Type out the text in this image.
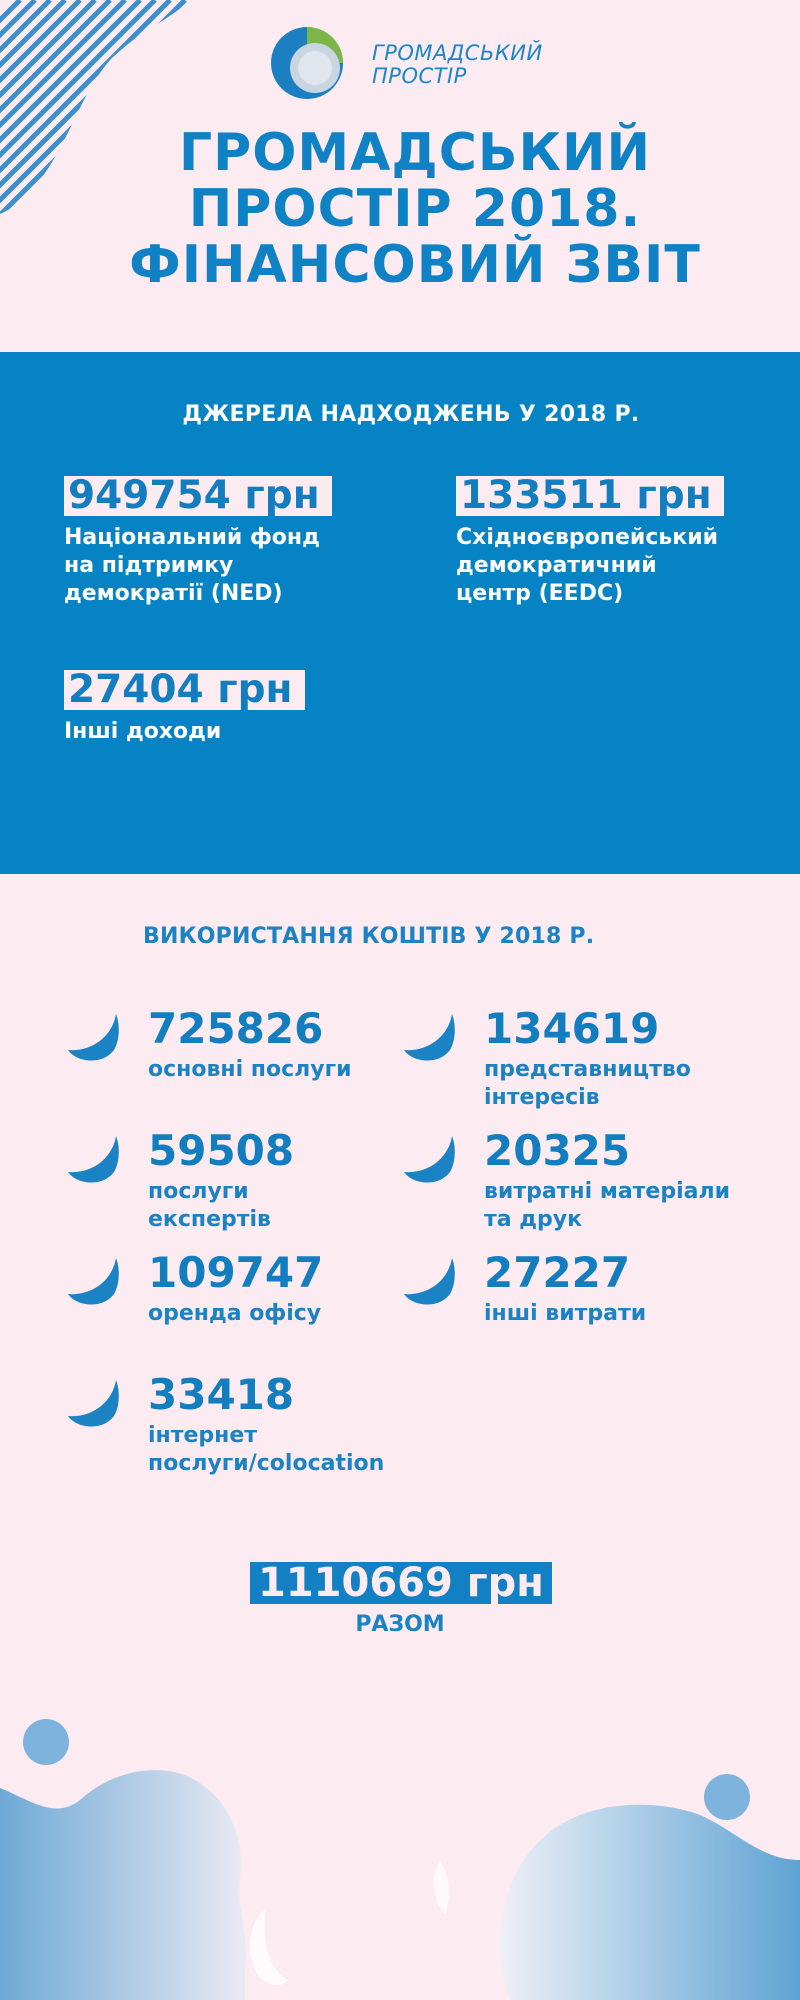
ГРОМАДСЬКИЙ
ПРОСТІР
ГРОМАДСЬКИЙ
ПРОСТІР 2018.
ФІНАНСОВИЙ ЗВІТ
ДЖЕРЕЛА НАДХОДЖЕНЬ У 2018 Р.
949754 грн
Національний фонд
на підтримку
демократії (NED)
133511 грн
Східноєвропейський
демократичний
центр (EEDC)
27404 грн
Інші доходи
ВИКОРИСТАННЯ КОШТІВ У 2018 Р.
725826
основні послуги
134619
представництво
інтересів
59508
послуги
експертів
20325
витратні матеріали
та друк
109747
оренда офісу
27227
інші витрати
33418
інтернет
послуги/colocation
1110669 грн
РАЗОМ
